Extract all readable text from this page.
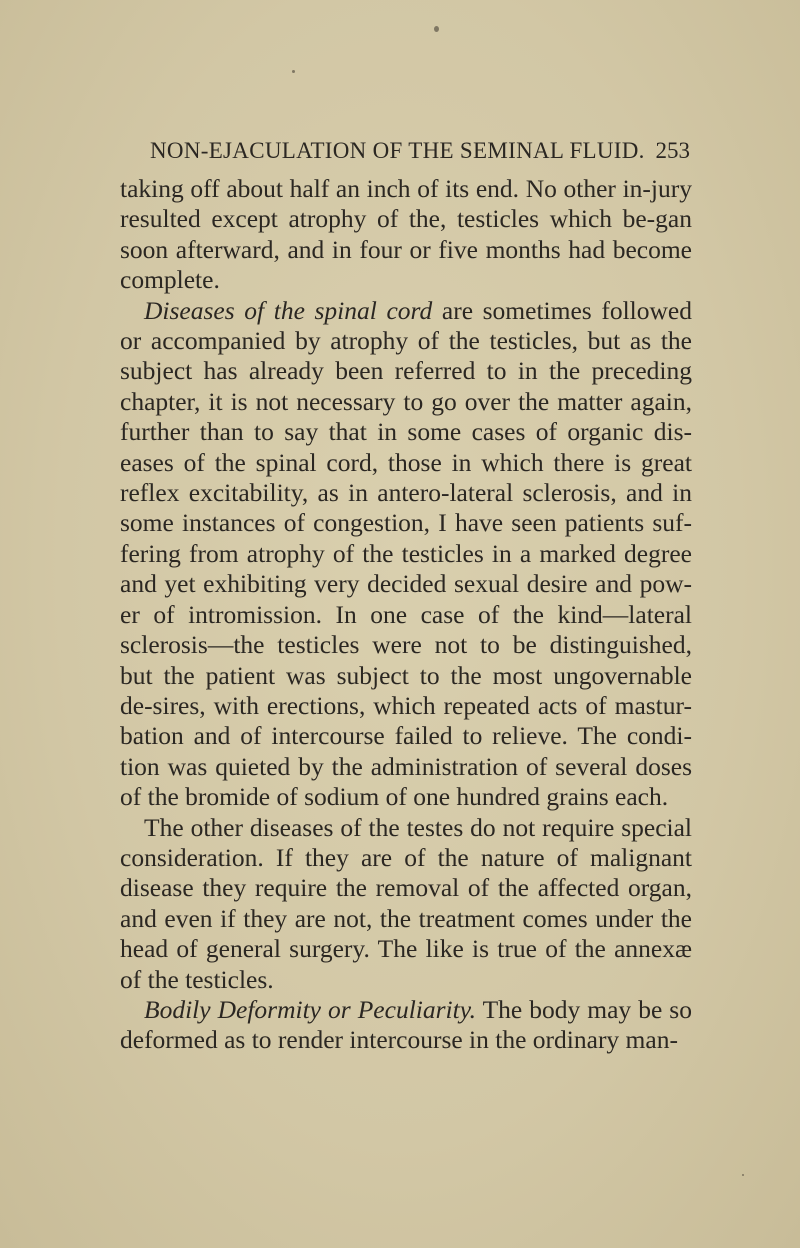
NON-EJACULATION OF THE SEMINAL FLUID. 253

taking off about half an inch of its end. No other in-jury resulted except atrophy of the, testicles which be-gan soon afterward, and in four or five months had become complete.

Diseases of the spinal cord are sometimes followed or accompanied by atrophy of the testicles, but as the subject has already been referred to in the preceding chapter, it is not necessary to go over the matter again, further than to say that in some cases of organic dis-eases of the spinal cord, those in which there is great reflex excitability, as in antero-lateral sclerosis, and in some instances of congestion, I have seen patients suf-fering from atrophy of the testicles in a marked degree and yet exhibiting very decided sexual desire and pow-er of intromission. In one case of the kind—lateral sclerosis—the testicles were not to be distinguished, but the patient was subject to the most ungovernable de-sires, with erections, which repeated acts of mastur-bation and of intercourse failed to relieve. The condi-tion was quieted by the administration of several doses of the bromide of sodium of one hundred grains each.

The other diseases of the testes do not require special consideration. If they are of the nature of malignant disease they require the removal of the affected organ, and even if they are not, the treatment comes under the head of general surgery. The like is true of the annexæ of the testicles.

Bodily Deformity or Peculiarity. The body may be so deformed as to render intercourse in the ordinary man-
